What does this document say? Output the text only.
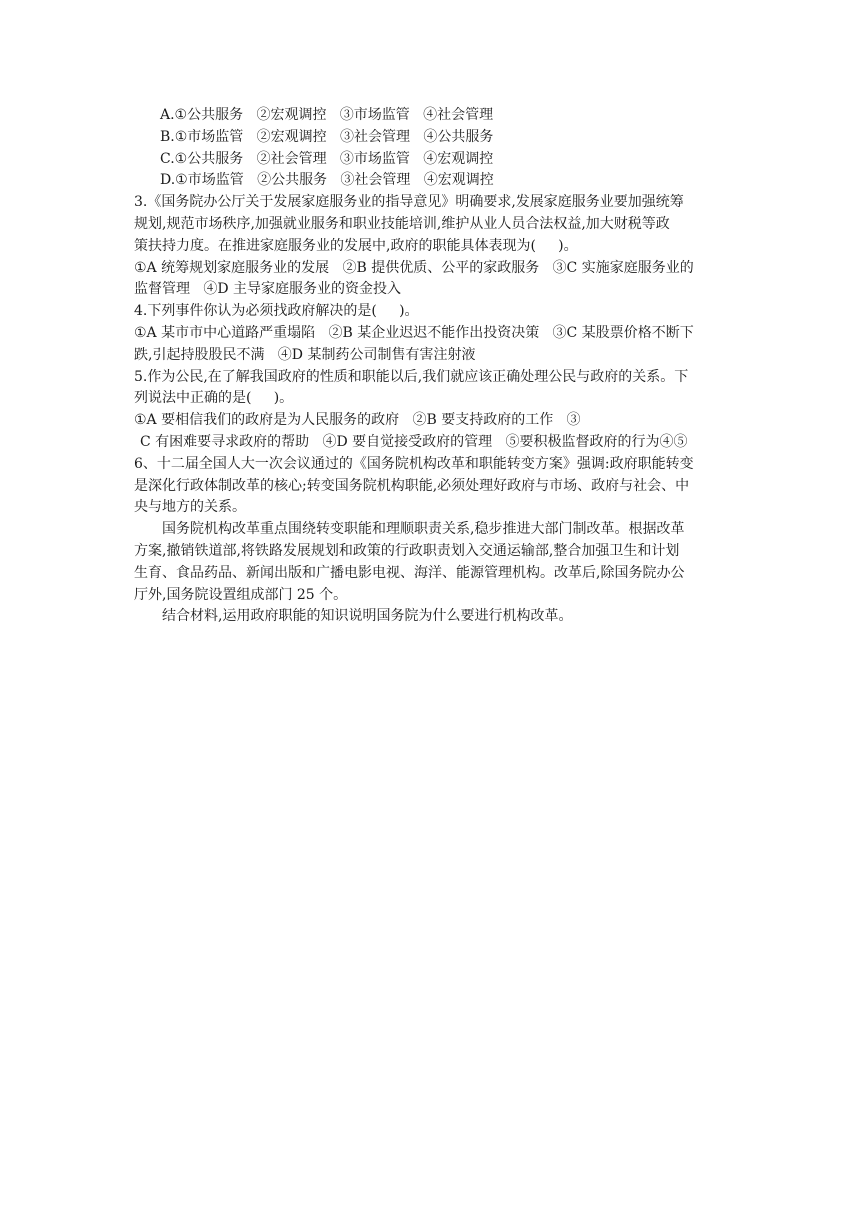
A.①公共服务   ②宏观调控   ③市场监管   ④社会管理
B.①市场监管   ②宏观调控   ③社会管理   ④公共服务
C.①公共服务   ②社会管理   ③市场监管   ④宏观调控
D.①市场监管   ②公共服务   ③社会管理   ④宏观调控
3.《国务院办公厅关于发展家庭服务业的指导意见》明确要求,发展家庭服务业要加强统筹
规划,规范市场秩序,加强就业服务和职业技能培训,维护从业人员合法权益,加大财税等政
策扶持力度。在推进家庭服务业的发展中,政府的职能具体表现为(     )。
①A 统筹规划家庭服务业的发展   ②B 提供优质、公平的家政服务   ③C 实施家庭服务业的
监督管理   ④D 主导家庭服务业的资金投入
4.下列事件你认为必须找政府解决的是(     )。
①A 某市市中心道路严重塌陷   ②B 某企业迟迟不能作出投资决策   ③C 某股票价格不断下
跌,引起持股股民不满   ④D 某制药公司制售有害注射液
5.作为公民,在了解我国政府的性质和职能以后,我们就应该正确处理公民与政府的关系。下
列说法中正确的是(     )。
①A 要相信我们的政府是为人民服务的政府   ②B 要支持政府的工作   ③
C 有困难要寻求政府的帮助   ④D 要自觉接受政府的管理   ⑤要积极监督政府的行为④⑤
6、十二届全国人大一次会议通过的《国务院机构改革和职能转变方案》强调:政府职能转变
是深化行政体制改革的核心;转变国务院机构职能,必须处理好政府与市场、政府与社会、中
央与地方的关系。
国务院机构改革重点围绕转变职能和理顺职责关系,稳步推进大部门制改革。根据改革
方案,撤销铁道部,将铁路发展规划和政策的行政职责划入交通运输部,整合加强卫生和计划
生育、食品药品、新闻出版和广播电影电视、海洋、能源管理机构。改革后,除国务院办公
厅外,国务院设置组成部门 25 个。
结合材料,运用政府职能的知识说明国务院为什么要进行机构改革。
